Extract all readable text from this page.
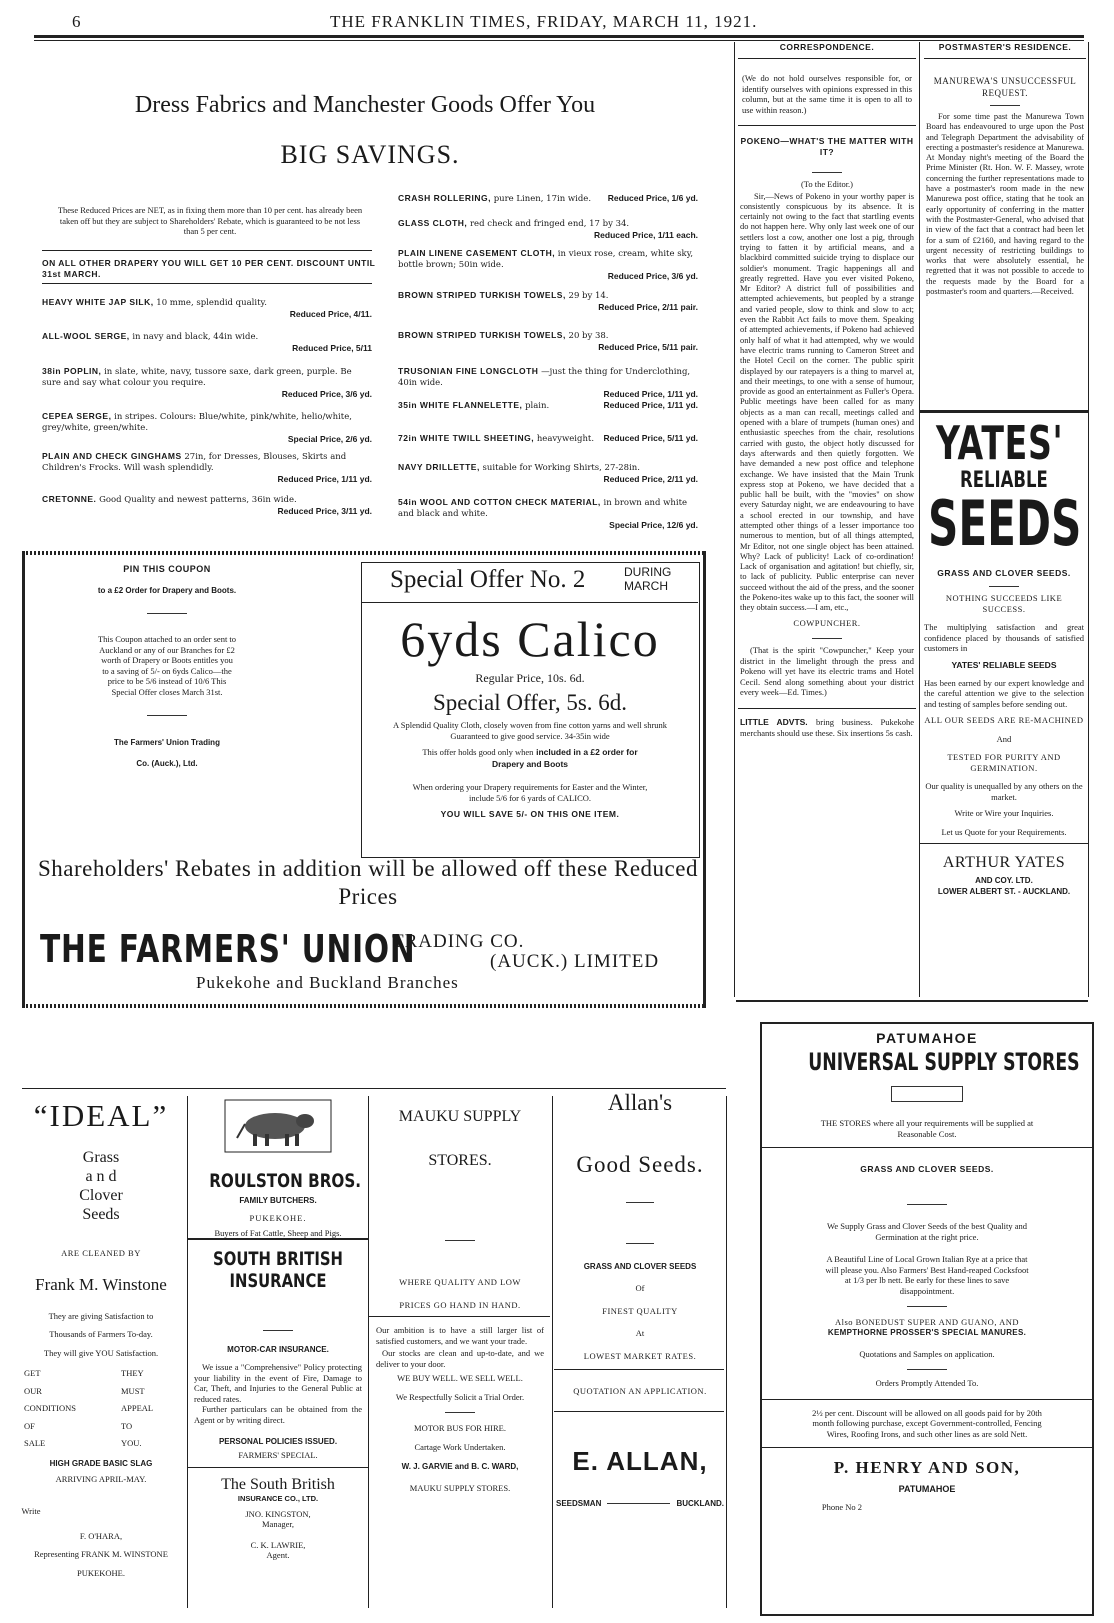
6	THE FRANKLIN TIMES, FRIDAY, MARCH 11, 1921.
Dress Fabrics and Manchester Goods Offer You
BIG SAVINGS.
These Reduced Prices are NET, as in fixing them more than 10 per cent. has already been taken off but they are subject to Shareholders' Rebate, which is guaranteed to be not less than 5 per cent.
ON ALL OTHER DRAPERY YOU WILL GET 10 PER CENT. DISCOUNT UNTIL 31st MARCH.

HEAVY WHITE JAP SILK, 10 mme, splendid quality.

Reduced Price, 4/11.

ALL-WOOL SERGE, in navy and black, 44in wide.

Reduced Price, 5/11

38in POPLIN, in slate, white, navy, tussore saxe, dark green, purple. Be sure and say what colour you require.

Reduced Price, 3/6 yd.

CEPEA SERGE, in stripes. Colours: Blue/white, pink/white, helio/white, grey/white, green/white.

Special Price, 2/6 yd.

PLAIN AND CHECK GINGHAMS 27in, for Dresses, Blouses, Skirts and Children's Frocks. Will wash splendidly.

Reduced Price, 1/11 yd.

CRETONNE. Good Quality and newest patterns, 36in wide.

Reduced Price, 3/11 yd.

CRASH ROLLERING, pure Linen, 17in wide. Reduced Price, 1/6 yd.

GLASS CLOTH, red check and fringed end, 17 by 34.

Reduced Price, 1/11 each.

PLAIN LINENE CASEMENT CLOTH, in vieux rose, cream, white sky, bottle brown; 50in wide.

Reduced Price, 3/6 yd.

BROWN STRIPED TURKISH TOWELS, 29 by 14.

Reduced Price, 2/11 pair.

BROWN STRIPED TURKISH TOWELS, 20 by 38.

Reduced Price, 5/11 pair.

TRUSONIAN FINE LONGCLOTH —just the thing for Underclothing, 40in wide.

Reduced Price, 1/11 yd.

35in WHITE FLANNELETTE, plain.	Reduced Price, 1/11 yd.

72in WHITE TWILL SHEETING, heavyweight. Reduced Price, 5/11 yd.

NAVY DRILLETTE, suitable for Working Shirts, 27-28in.

Reduced Price, 2/11 yd.

54in WOOL AND COTTON CHECK MATERIAL, in brown and white and black and white.

Special Price, 12/6 yd.

PIN THIS COUPON
to a £2 Order for Drapery and Boots.
This Coupon attached to an order sent to Auckland or any of our Branches for £2 worth of Drapery or Boots entitles you to a saving of 5/- on 6yds Calico—the price to be 5/6 instead of 10/6 This Special Offer closes March 31st.
The Farmers' Union Trading
Co. (Auck.), Ltd.
Special Offer No. 2	DURING
MARCH
6yds Calico
Regular Price, 10s. 6d.
Special Offer, 5s. 6d.
A Splendid Quality Cloth, closely woven from fine cotton yarns and well shrunk Guaranteed to give good service. 34-35in wide
This offer holds good only when included in a £2 order for
Drapery and Boots
When ordering your Drapery requirements for Easter and the Winter, include 5/6 for 6 yards of CALICO.
YOU WILL SAVE 5/- ON THIS ONE ITEM.
Shareholders' Rebates in addition will be allowed off these Reduced Prices
THE FARMERS' UNION
TRADING CO.
(AUCK.) LIMITED
Pukekohe and Buckland Branches
CORRESPONDENCE.
(We do not hold ourselves responsible for, or identify ourselves with opinions expressed in this column, but at the same time it is open to all to use within reason.)
POKENO—WHAT'S THE MATTER WITH IT?
(To the Editor.)
Sir,—News of Pokeno in your worthy paper is consistently conspicuous by its absence. It is certainly not owing to the fact that startling events do not happen here. Why only last week one of our settlers lost a cow, another one lost a pig, through trying to fatten it by artificial means, and a blackbird committed suicide trying to displace our soldier's monument. Tragic happenings all and greatly regretted. Have you ever visited Pokeno, Mr Editor? A district full of possibilities and attempted achievements, but peopled by a strange and varied people, slow to think and slow to act; even the Rabbit Act fails to move them. Speaking of attempted achievements, if Pokeno had achieved only half of what it had attempted, why we would have electric trams running to Cameron Street and the Hotel Cecil on the corner. The public spirit displayed by our ratepayers is a thing to marvel at, and their meetings, to one with a sense of humour, provide as good an entertainment as Fuller's Opera. Public meetings have been called for as many objects as a man can recall, meetings called and opened with a blare of trumpets (human ones) and enthusiastic speeches from the chair, resolutions carried with gusto, the object hotly discussed for days afterwards and then quietly forgotten. We have demanded a new post office and telephone exchange. We have insisted that the Main Trunk express stop at Pokeno, we have decided that a public hall be built, with the "movies" on show every Saturday night, we are endeavouring to have a school erected in our township, and have attempted other things of a lesser importance too numerous to mention, but of all things attempted, Mr Editor, not one single object has been attained. Why? Lack of publicity! Lack of co-ordination! Lack of organisation and agitation! but chiefly, sir, to lack of publicity. Public enterprise can never succeed without the aid of the press, and the sooner the Pokeno-ites wake up to this fact, the sooner will they obtain success.—I am, etc.,
COWPUNCHER.
(That is the spirit "Cowpuncher," Keep your district in the limelight through the press and Pokeno will yet have its electric trams and Hotel Cecil. Send along something about your district every week—Ed. Times.)
LITTLE ADVTS. bring business. Pukekohe merchants should use these. Six insertions 5s cash.
POSTMASTER'S RESIDENCE.
MANUREWA'S UNSUCCESSFUL REQUEST.
For some time past the Manurewa Town Board has endeavoured to urge upon the Post and Telegraph Department the advisability of erecting a postmaster's residence at Manurewa. At Monday night's meeting of the Board the Prime Minister (Rt. Hon. W. F. Massey, wrote concerning the further representations made to have a postmaster's room made in the new Manurewa post office, stating that he took an early opportunity of conferring in the matter with the Postmaster-General, who advised that in view of the fact that a contract had been let for a sum of £2160, and having regard to the urgent necessity of restricting buildings to works that were absolutely essential, he regretted that it was not possible to accede to the requests made by the Board for a postmaster's room and quarters.—Received.
YATES'
RELIABLE
SEEDS
GRASS AND CLOVER SEEDS.
NOTHING SUCCEEDS LIKE SUCCESS.
The multiplying satisfaction and great confidence placed by thousands of satisfied customers in
YATES' RELIABLE SEEDS
Has been earned by our expert knowledge and the careful attention we give to the selection and testing of samples before sending out.
ALL OUR SEEDS ARE RE-MACHINED
And
TESTED FOR PURITY AND GERMINATION.
Our quality is unequalled by any others on the market.
Write or Wire your Inquiries.
Let us Quote for your Requirements.
ARTHUR YATES
AND COY. LTD.
LOWER ALBERT ST. - AUCKLAND.
PATUMAHOE
UNIVERSAL SUPPLY STORES
THE STORES where all your requirements will be supplied at Reasonable Cost.
GRASS AND CLOVER SEEDS.
We Supply Grass and Clover Seeds of the best Quality and Germination at the right price.
A Beautiful Line of Local Grown Italian Rye at a price that will please you. Also Farmers' Best Hand-reaped Cocksfoot at 1/3 per lb nett. Be early for these lines to save disappointment.
Also BONEDUST SUPER AND GUANO, AND
KEMPTHORNE PROSSER'S SPECIAL MANURES.
Quotations and Samples on application.
Orders Promptly Attended To.
2½ per cent. Discount will be allowed on all goods paid for by 20th month following purchase, except Government-controlled, Fencing Wires, Roofing Irons, and such other lines as are sold Nett.
P. HENRY AND SON,
PATUMAHOE
Phone No 2
“IDEAL”
Grass
a n d
Clover
Seeds
ARE CLEANED BY
Frank M. Winstone
They are giving Satisfaction to
Thousands of Farmers To-day.
They will give YOU Satisfaction.
GET	THEY
OUR	MUST
CONDITIONS	APPEAL
OF	TO
SALE	YOU.
HIGH GRADE BASIC SLAG
ARRIVING APRIL-MAY.
Write
F. O'HARA,
Representing FRANK M. WINSTONE
PUKEKOHE.
ROULSTON BROS.
FAMILY BUTCHERS.
PUKEKOHE.
Buyers of Fat Cattle, Sheep and Pigs.
SOUTH BRITISH INSURANCE
MOTOR-CAR INSURANCE.
We issue a "Comprehensive" Policy protecting your liability in the event of Fire, Damage to Car, Theft, and Injuries to the General Public at reduced rates.
Further particulars can be obtained from the Agent or by writing direct.
PERSONAL POLICIES ISSUED.
FARMERS' SPECIAL.
The South British
INSURANCE CO., LTD.
JNO. KINGSTON,
Manager,
C. K. LAWRIE,
Agent.
MAUKU SUPPLY
STORES.
WHERE QUALITY AND LOW
PRICES GO HAND IN HAND.
Our ambition is to have a still larger list of satisfied customers, and we want your trade.
Our stocks are clean and up-to-date, and we deliver to your door.
WE BUY WELL. WE SELL WELL.
We Respectfully Solicit a Trial Order.
MOTOR BUS FOR HIRE.
Cartage Work Undertaken.
W. J. GARVIE and B. C. WARD,
MAUKU SUPPLY STORES.
Allan's
Good Seeds.
GRASS AND CLOVER SEEDS
Of
FINEST QUALITY
At
LOWEST MARKET RATES.
QUOTATION AN APPLICATION.
E. ALLAN,
SEEDSMAN	BUCKLAND.
